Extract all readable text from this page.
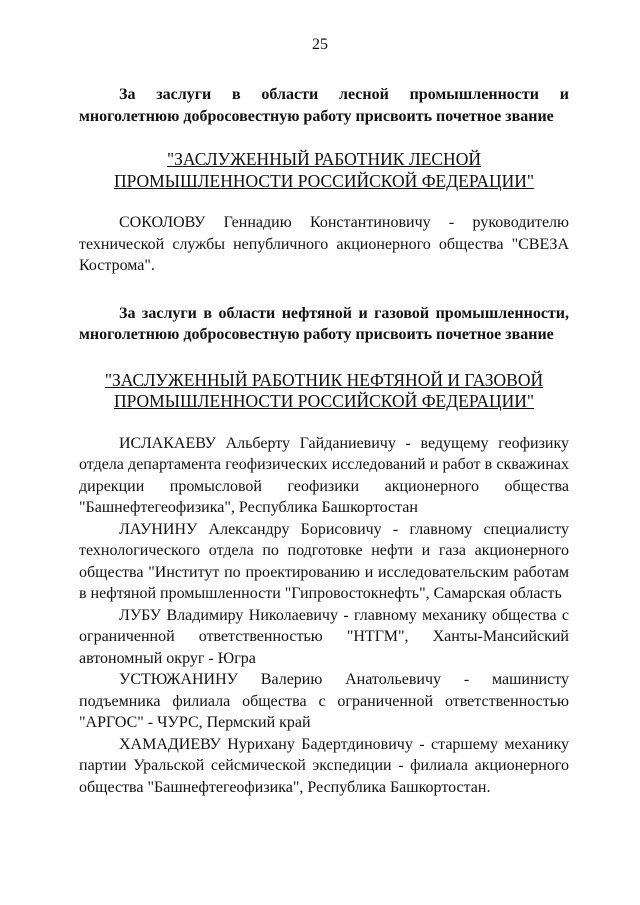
25

За заслуги в области лесной промышленности и многолетнюю добросовестную работу присвоить почетное звание

"ЗАСЛУЖЕННЫЙ РАБОТНИК ЛЕСНОЙ ПРОМЫШЛЕННОСТИ РОССИЙСКОЙ ФЕДЕРАЦИИ"

СОКОЛОВУ Геннадию Константиновичу - руководителю технической службы непубличного акционерного общества "СВЕЗА Кострома".

За заслуги в области нефтяной и газовой промышленности, многолетнюю добросовестную работу присвоить почетное звание

"ЗАСЛУЖЕННЫЙ РАБОТНИК НЕФТЯНОЙ И ГАЗОВОЙ ПРОМЫШЛЕННОСТИ РОССИЙСКОЙ ФЕДЕРАЦИИ"

ИСЛАКАЕВУ Альберту Гайданиевичу - ведущему геофизику отдела департамента геофизических исследований и работ в скважинах дирекции промысловой геофизики акционерного общества "Башнефтегеофизика", Республика Башкортостан

ЛАУНИНУ Александру Борисовичу - главному специалисту технологического отдела по подготовке нефти и газа акционерного общества "Институт по проектированию и исследовательским работам в нефтяной промышленности "Гипровостокнефть", Самарская область

ЛУБУ Владимиру Николаевичу - главному механику общества с ограниченной ответственностью "НТГМ", Ханты-Мансийский автономный округ - Югра

УСТЮЖАНИНУ Валерию Анатольевичу - машинисту подъемника филиала общества с ограниченной ответственностью "АРГОС" - ЧУРС, Пермский край

ХАМАДИЕВУ Нурихану Бадертдиновичу - старшему механику партии Уральской сейсмической экспедиции - филиала акционерного общества "Башнефтегеофизика", Республика Башкортостан.
